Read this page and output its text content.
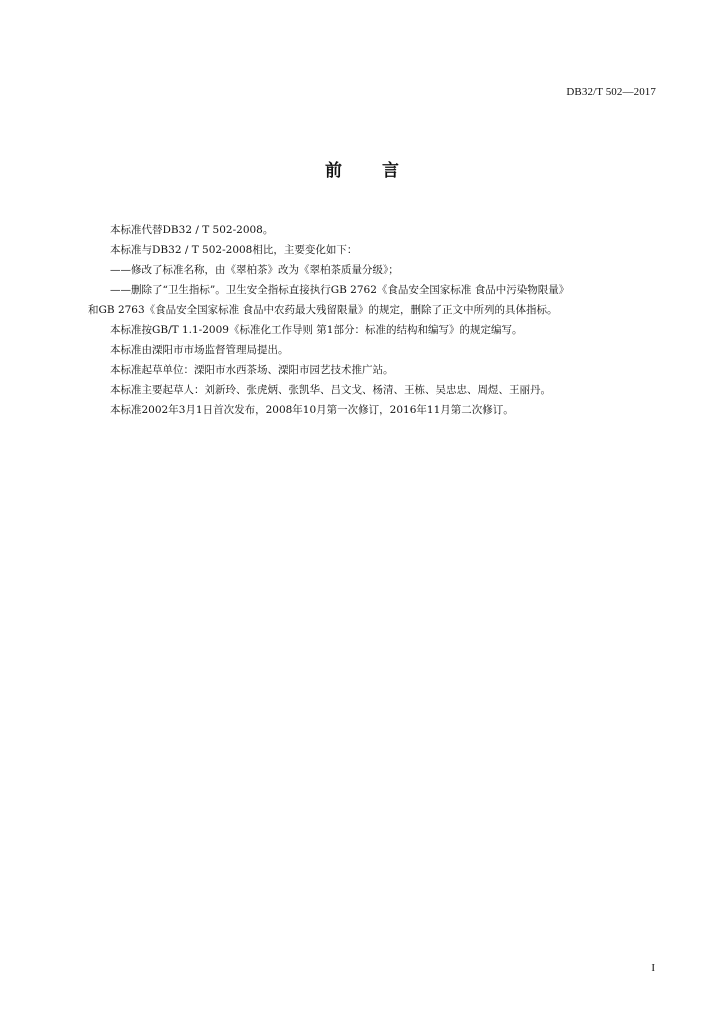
DB32/T 502—2017
前 言

本标准代替DB32 / T 502-2008。

本标准与DB32 / T 502-2008相比，主要变化如下：

——修改了标准名称，由《翠柏茶》改为《翠柏茶质量分级》；

——删除了“卫生指标”。卫生安全指标直接执行GB 2762《食品安全国家标准 食品中污染物限量》

和GB 2763《食品安全国家标准 食品中农药最大残留限量》的规定，删除了正文中所列的具体指标。

本标准按GB/T 1.1-2009《标准化工作导则 第1部分：标准的结构和编写》的规定编写。

本标准由溧阳市市场监督管理局提出。

本标准起草单位：溧阳市水西茶场、溧阳市园艺技术推广站。

本标准主要起草人：刘新玲、张虎炳、张凯华、吕文戈、杨清、王栋、吴忠忠、周煜、王丽丹。

本标准2002年3月1日首次发布，2008年10月第一次修订，2016年11月第二次修订。

I
